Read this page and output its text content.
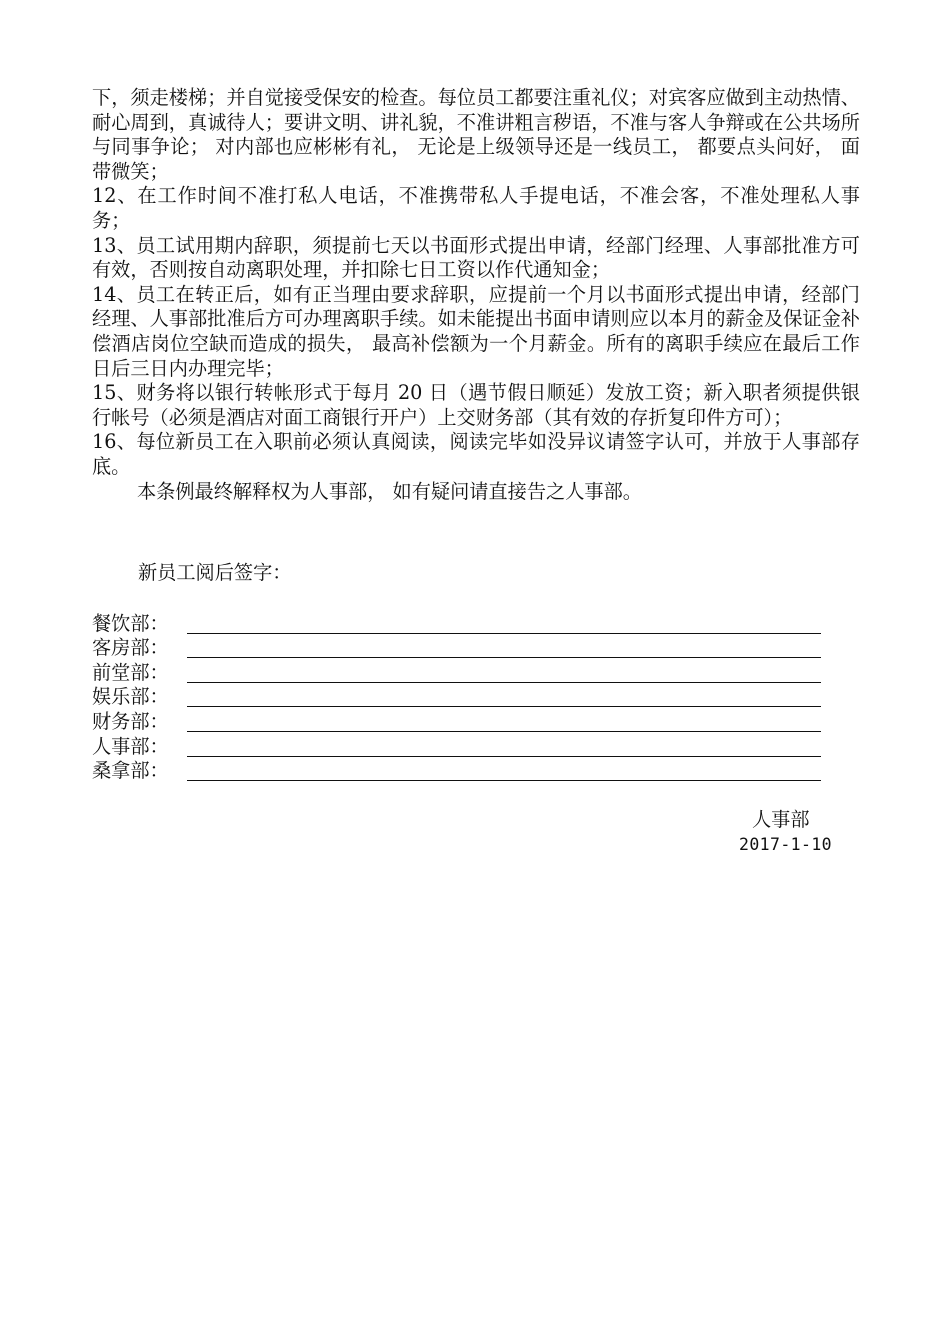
下，须走楼梯；并自觉接受保安的检查。每位员工都要注重礼仪；对宾客应做到主动热情、耐心周到，真诚待人；要讲文明、讲礼貌，不准讲粗言秽语，不准与客人争辩或在公共场所与同事争论； 对内部也应彬彬有礼， 无论是上级领导还是一线员工， 都要点头问好， 面带微笑；

12、在工作时间不准打私人电话，不准携带私人手提电话，不准会客，不准处理私人事务；

13、员工试用期内辞职，须提前七天以书面形式提出申请，经部门经理、人事部批准方可有效，否则按自动离职处理，并扣除七日工资以作代通知金；

14、员工在转正后，如有正当理由要求辞职，应提前一个月以书面形式提出申请，经部门经理、人事部批准后方可办理离职手续。如未能提出书面申请则应以本月的薪金及保证金补偿酒店岗位空缺而造成的损失， 最高补偿额为一个月薪金。所有的离职手续应在最后工作日后三日内办理完毕；

15、财务将以银行转帐形式于每月 20 日（遇节假日顺延）发放工资；新入职者须提供银行帐号（必须是酒店对面工商银行开户）上交财务部（其有效的存折复印件方可）；

16、每位新员工在入职前必须认真阅读，阅读完毕如没异议请签字认可，并放于人事部存底。

本条例最终解释权为人事部， 如有疑问请直接告之人事部。

新员工阅后签字：
餐饮部：
客房部：
前堂部：
娱乐部：
财务部：
人事部：
桑拿部：
人事部
2017-1-10
